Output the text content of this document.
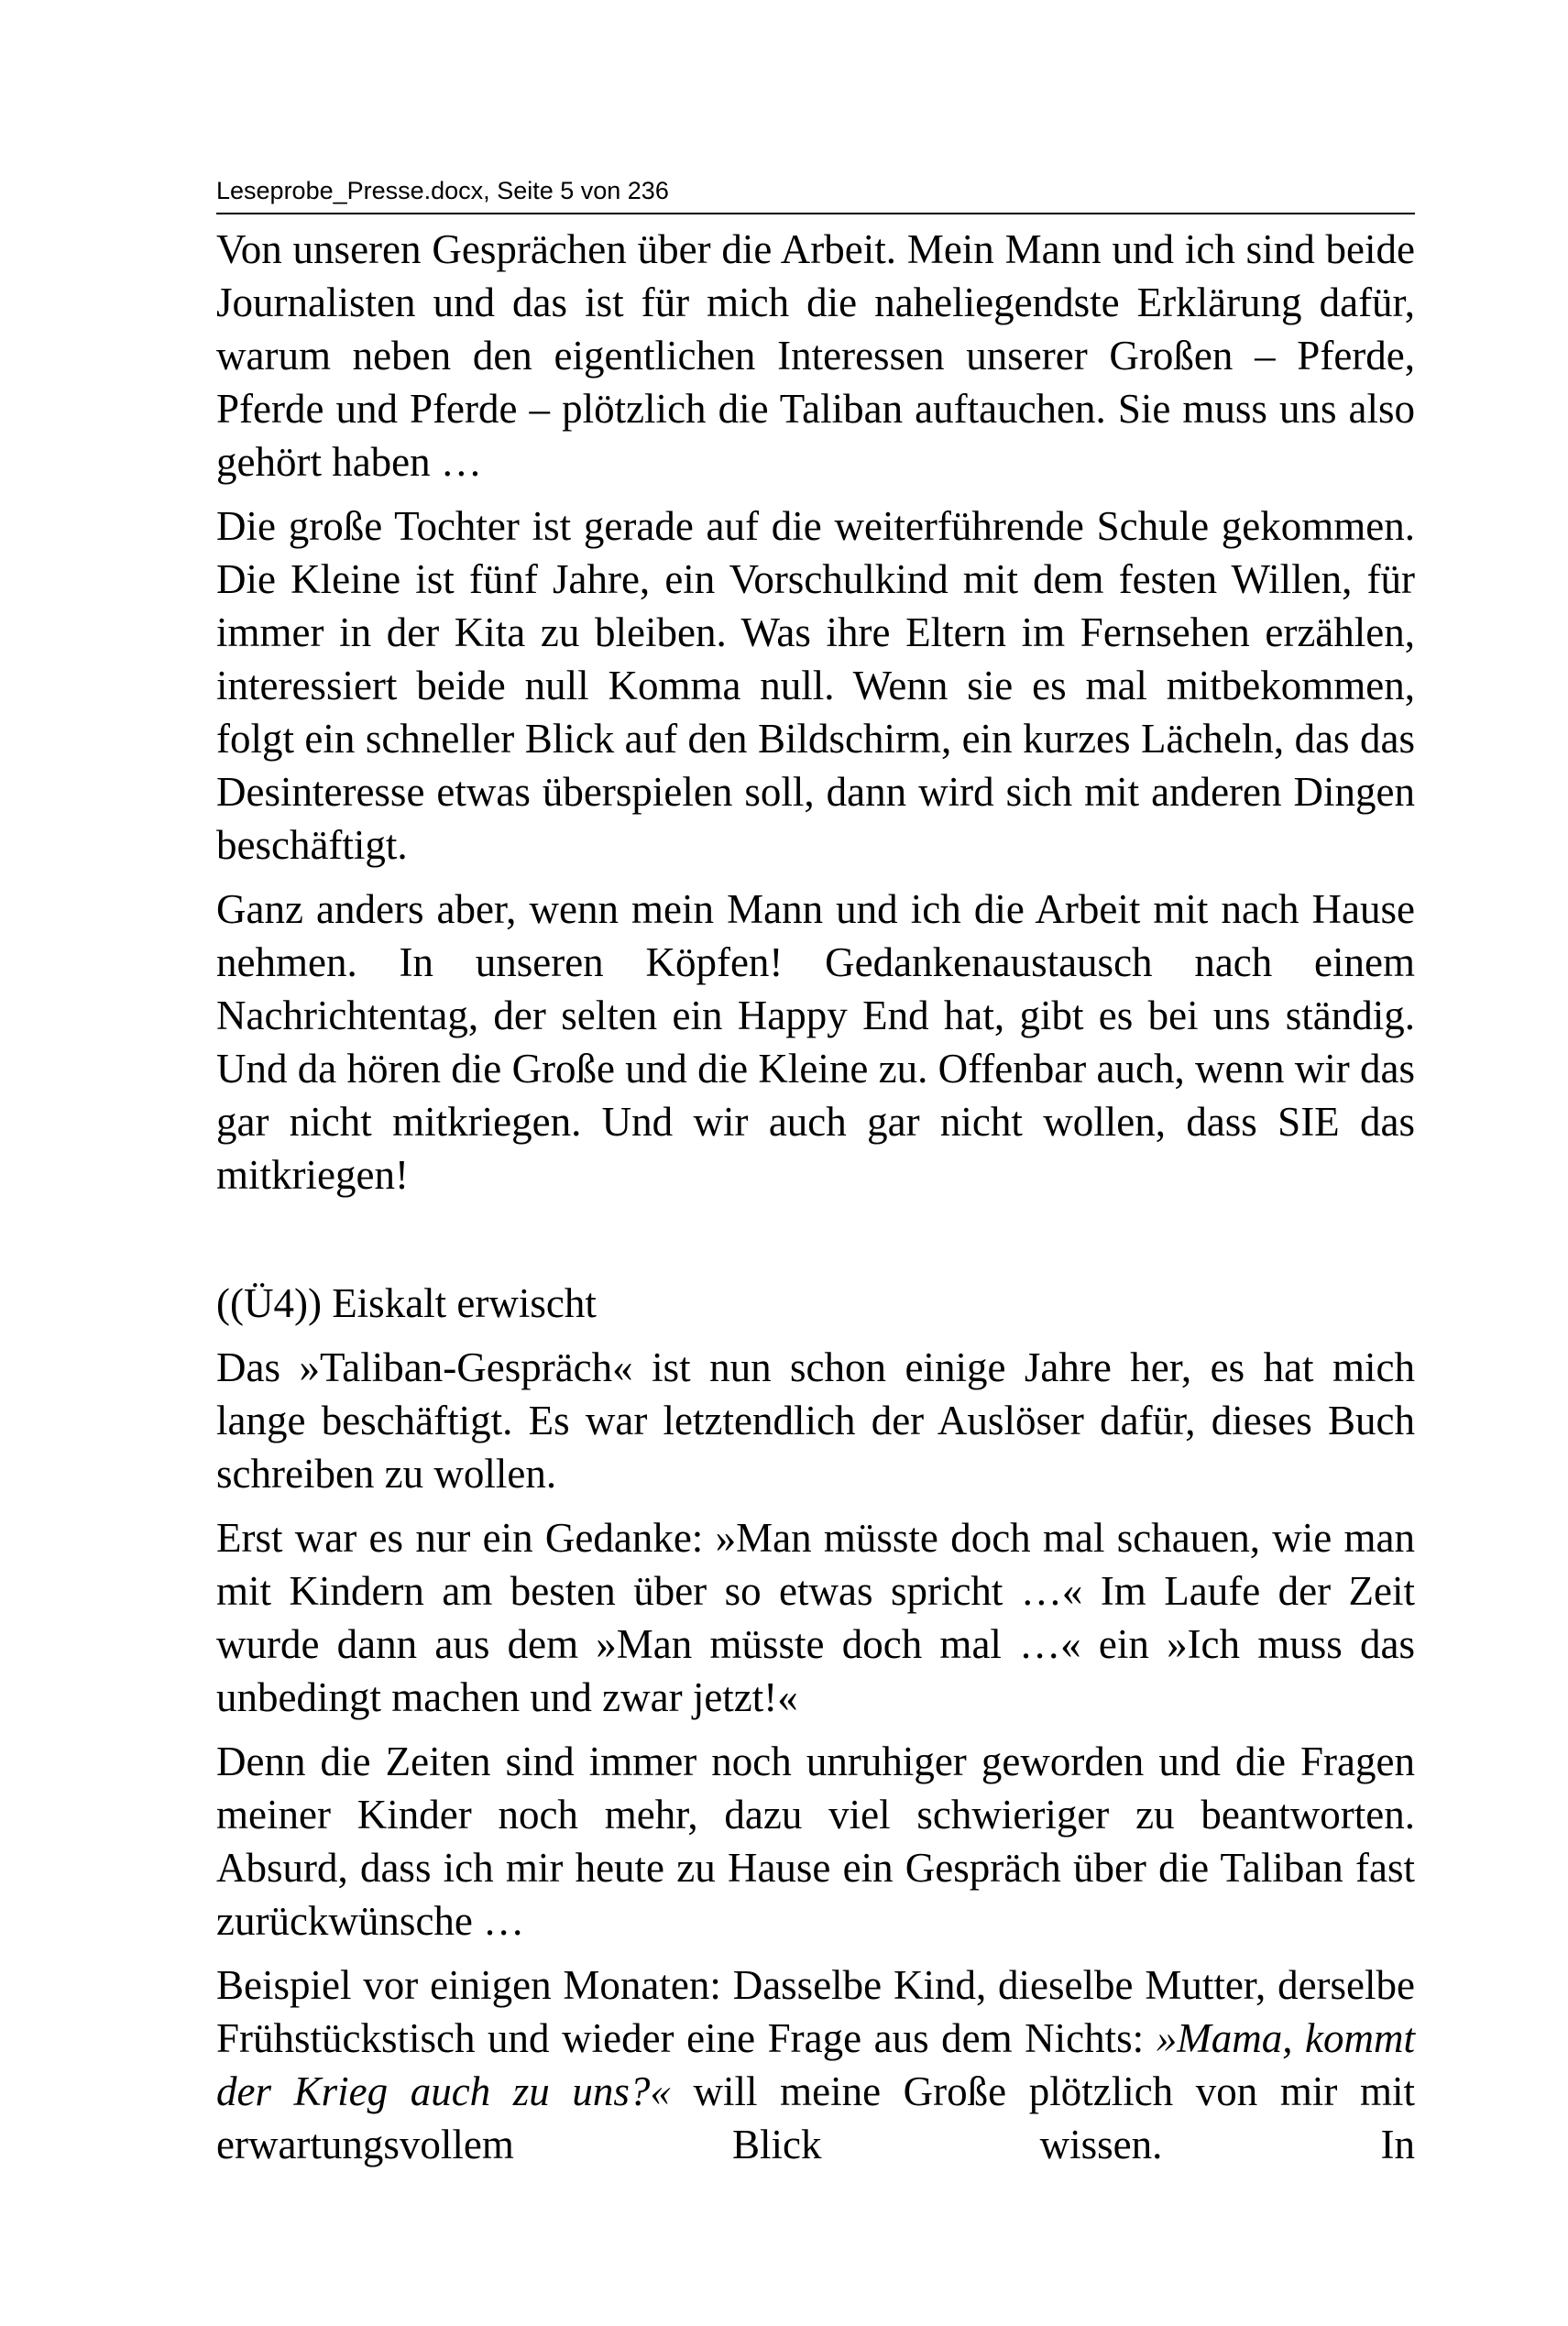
Leseprobe_Presse.docx, Seite 5 von 236

Von unseren Gesprächen über die Arbeit. Mein Mann und ich sind beide Journalisten und das ist für mich die naheliegendste Erklärung dafür, warum neben den eigentlichen Interessen unserer Großen – Pferde, Pferde und Pferde – plötzlich die Taliban auftauchen. Sie muss uns also gehört haben …

Die große Tochter ist gerade auf die weiterführende Schule gekommen. Die Kleine ist fünf Jahre, ein Vorschulkind mit dem festen Willen, für immer in der Kita zu bleiben. Was ihre Eltern im Fernsehen erzählen, interessiert beide null Komma null. Wenn sie es mal mitbekommen, folgt ein schneller Blick auf den Bildschirm, ein kurzes Lächeln, das das Desinteresse etwas überspielen soll, dann wird sich mit anderen Dingen beschäftigt.

Ganz anders aber, wenn mein Mann und ich die Arbeit mit nach Hause nehmen. In unseren Köpfen! Gedankenaustausch nach einem Nachrichtentag, der selten ein Happy End hat, gibt es bei uns ständig. Und da hören die Große und die Kleine zu. Offenbar auch, wenn wir das gar nicht mitkriegen. Und wir auch gar nicht wollen, dass SIE das mitkriegen!

((Ü4)) Eiskalt erwischt

Das »Taliban-Gespräch« ist nun schon einige Jahre her, es hat mich lange beschäftigt. Es war letztendlich der Auslöser dafür, dieses Buch schreiben zu wollen.

Erst war es nur ein Gedanke: »Man müsste doch mal schauen, wie man mit Kindern am besten über so etwas spricht …« Im Laufe der Zeit wurde dann aus dem »Man müsste doch mal …« ein »Ich muss das unbedingt machen und zwar jetzt!«

Denn die Zeiten sind immer noch unruhiger geworden und die Fragen meiner Kinder noch mehr, dazu viel schwieriger zu beantworten. Absurd, dass ich mir heute zu Hause ein Gespräch über die Taliban fast zurückwünsche …

Beispiel vor einigen Monaten: Dasselbe Kind, dieselbe Mutter, derselbe Frühstückstisch und wieder eine Frage aus dem Nichts: »Mama, kommt der Krieg auch zu uns?« will meine Große plötzlich von mir mit erwartungsvollem Blick wissen. In
